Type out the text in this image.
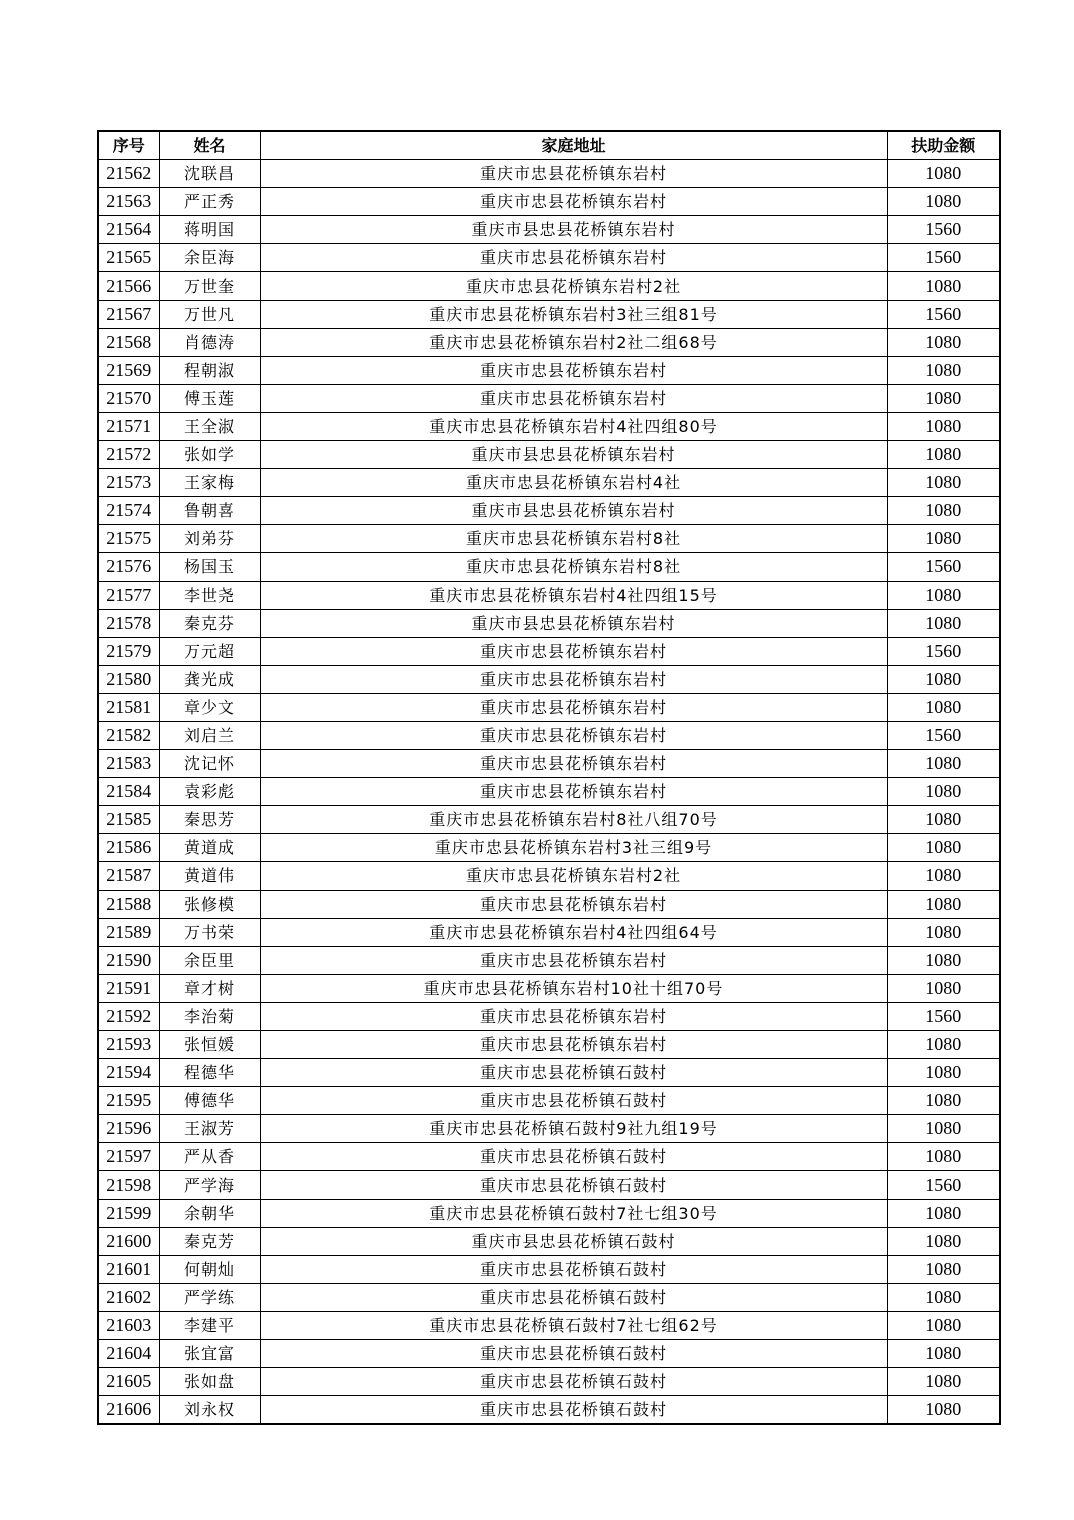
序号	姓名	家庭地址	扶助金额
21562	沈联昌	重庆市忠县花桥镇东岩村	1080
21563	严正秀	重庆市忠县花桥镇东岩村	1080
21564	蒋明国	重庆市县忠县花桥镇东岩村	1560
21565	余臣海	重庆市忠县花桥镇东岩村	1560
21566	万世奎	重庆市忠县花桥镇东岩村2社	1080
21567	万世凡	重庆市忠县花桥镇东岩村3社三组81号	1560
21568	肖德涛	重庆市忠县花桥镇东岩村2社二组68号	1080
21569	程朝淑	重庆市忠县花桥镇东岩村	1080
21570	傅玉莲	重庆市忠县花桥镇东岩村	1080
21571	王全淑	重庆市忠县花桥镇东岩村4社四组80号	1080
21572	张如学	重庆市县忠县花桥镇东岩村	1080
21573	王家梅	重庆市忠县花桥镇东岩村4社	1080
21574	鲁朝喜	重庆市县忠县花桥镇东岩村	1080
21575	刘弟芬	重庆市忠县花桥镇东岩村8社	1080
21576	杨国玉	重庆市忠县花桥镇东岩村8社	1560
21577	李世尧	重庆市忠县花桥镇东岩村4社四组15号	1080
21578	秦克芬	重庆市县忠县花桥镇东岩村	1080
21579	万元超	重庆市忠县花桥镇东岩村	1560
21580	龚光成	重庆市忠县花桥镇东岩村	1080
21581	章少文	重庆市忠县花桥镇东岩村	1080
21582	刘启兰	重庆市忠县花桥镇东岩村	1560
21583	沈记怀	重庆市忠县花桥镇东岩村	1080
21584	袁彩彪	重庆市忠县花桥镇东岩村	1080
21585	秦思芳	重庆市忠县花桥镇东岩村8社八组70号	1080
21586	黄道成	重庆市忠县花桥镇东岩村3社三组9号	1080
21587	黄道伟	重庆市忠县花桥镇东岩村2社	1080
21588	张修模	重庆市忠县花桥镇东岩村	1080
21589	万书荣	重庆市忠县花桥镇东岩村4社四组64号	1080
21590	余臣里	重庆市忠县花桥镇东岩村	1080
21591	章才树	重庆市忠县花桥镇东岩村10社十组70号	1080
21592	李治菊	重庆市忠县花桥镇东岩村	1560
21593	张恒媛	重庆市忠县花桥镇东岩村	1080
21594	程德华	重庆市忠县花桥镇石鼓村	1080
21595	傅德华	重庆市忠县花桥镇石鼓村	1080
21596	王淑芳	重庆市忠县花桥镇石鼓村9社九组19号	1080
21597	严从香	重庆市忠县花桥镇石鼓村	1080
21598	严学海	重庆市忠县花桥镇石鼓村	1560
21599	余朝华	重庆市忠县花桥镇石鼓村7社七组30号	1080
21600	秦克芳	重庆市县忠县花桥镇石鼓村	1080
21601	何朝灿	重庆市忠县花桥镇石鼓村	1080
21602	严学练	重庆市忠县花桥镇石鼓村	1080
21603	李建平	重庆市忠县花桥镇石鼓村7社七组62号	1080
21604	张宜富	重庆市忠县花桥镇石鼓村	1080
21605	张如盘	重庆市忠县花桥镇石鼓村	1080
21606	刘永权	重庆市忠县花桥镇石鼓村	1080
